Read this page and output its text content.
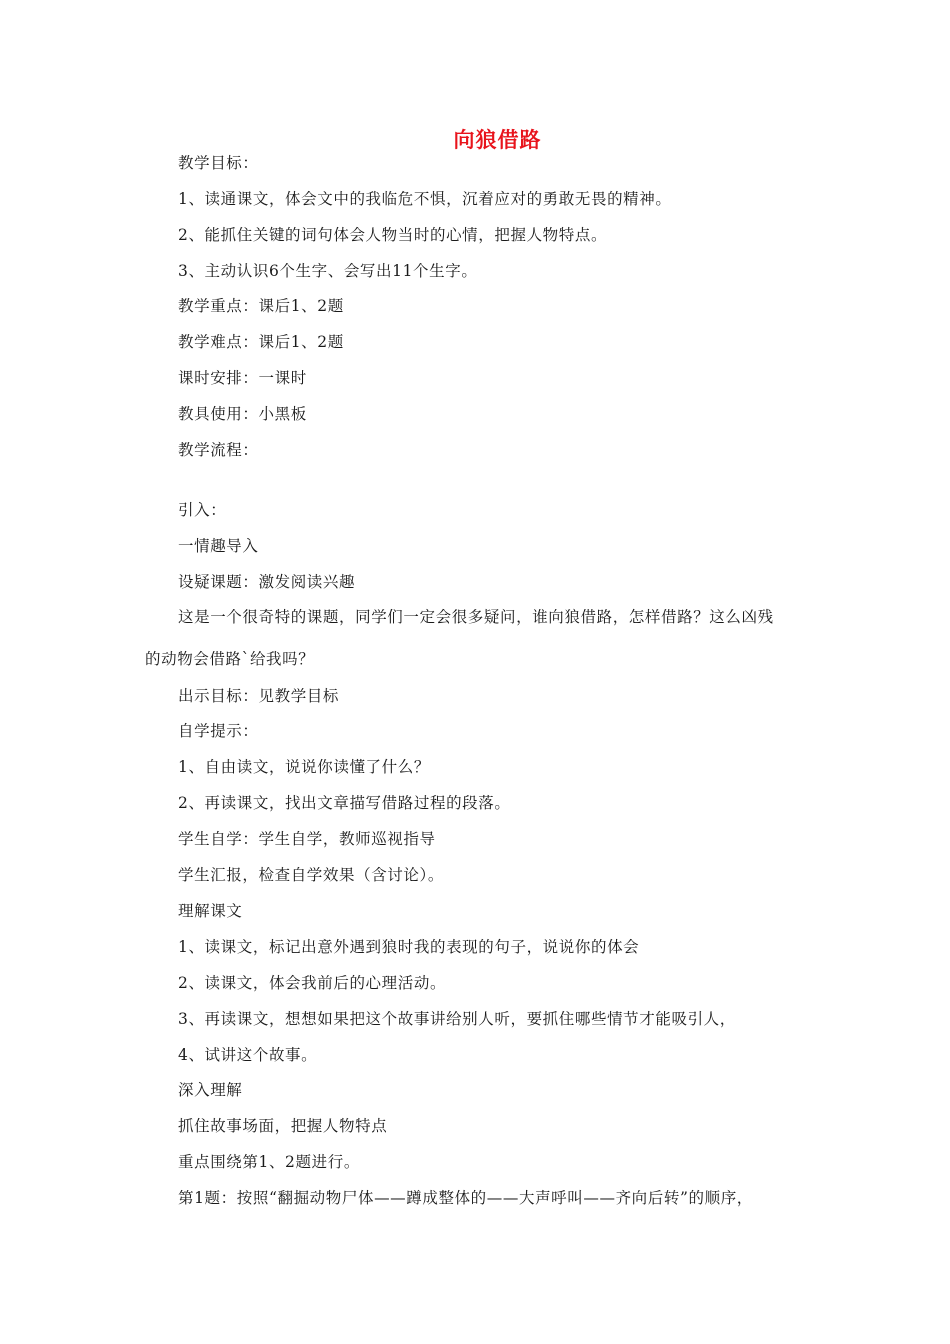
向狼借路
教学目标：
1、读通课文，体会文中的我临危不惧，沉着应对的勇敢无畏的精神。
2、能抓住关键的词句体会人物当时的心情，把握人物特点。
3、主动认识6个生字、会写出11个生字。
教学重点：课后1、2题
教学难点：课后1、2题
课时安排：一课时
教具使用：小黑板
教学流程：
引入：
一情趣导入
设疑课题：激发阅读兴趣
这是一个很奇特的课题，同学们一定会很多疑问，谁向狼借路，怎样借路？这么凶残
的动物会借路`给我吗？
出示目标：见教学目标
自学提示：
1、自由读文，说说你读懂了什么？
2、再读课文，找出文章描写借路过程的段落。
学生自学：学生自学，教师巡视指导
学生汇报，检查自学效果（含讨论）。
理解课文
1、读课文，标记出意外遇到狼时我的表现的句子，说说你的体会
2、读课文，体会我前后的心理活动。
3、再读课文，想想如果把这个故事讲给别人听，要抓住哪些情节才能吸引人，
4、试讲这个故事。
深入理解
抓住故事场面，把握人物特点
重点围绕第1、2题进行。
第1题：按照“翻掘动物尸体——蹲成整体的——大声呼叫——齐向后转”的顺序，
